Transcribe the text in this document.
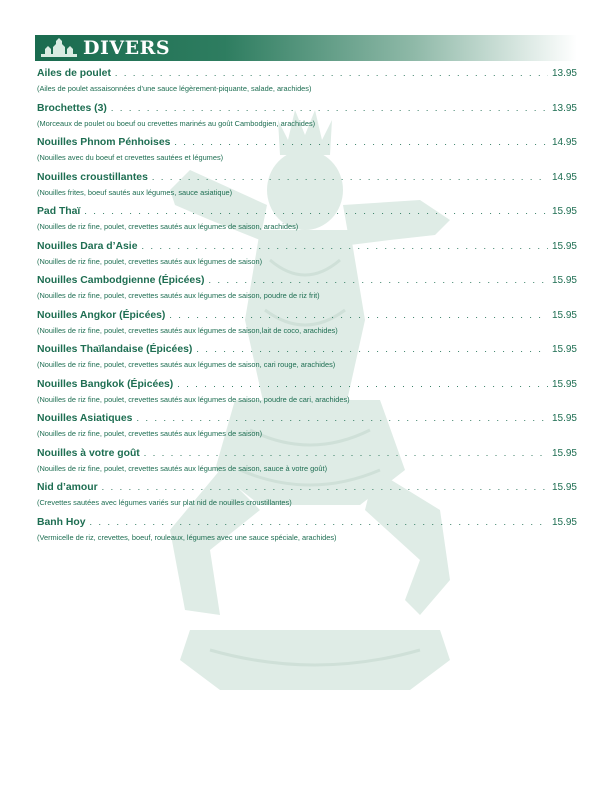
DIVERS
Ailes de poulet . . .	13.95
(Ailes de poulet assaisonnées d’une sauce légèrement-piquante, salade, arachides)
Brochettes (3) . . .	13.95
(Morceaux de poulet ou boeuf ou crevettes marinés au goût Cambodgien, arachides)
Nouilles Phnom Pénhoises . . .	14.95
(Nouilles avec du boeuf et crevettes sautées et légumes)
Nouilles croustillantes . . .	14.95
(Nouilles frites, boeuf sautés aux légumes, sauce asiatique)
Pad Thaï . . .	15.95
(Nouilles de riz fine, poulet, crevettes sautés aux légumes de saison, arachides)
Nouilles Dara d’Asie . . .	15.95
(Nouilles de riz fine, poulet, crevettes sautés aux légumes de saison)
Nouilles Cambodgienne (Épicées) . . .	15.95
(Nouilles de riz fine, poulet, crevettes sautés aux légumes de saison, poudre de riz frit)
Nouilles Angkor (Épicées) . . .	15.95
(Nouilles de riz fine, poulet, crevettes sautés aux légumes de saison,lait de coco, arachides)
Nouilles Thaïlandaise (Épicées) . . .	15.95
(Nouilles de riz fine, poulet, crevettes sautés aux légumes de saison, cari rouge, arachides)
Nouilles Bangkok (Épicées) . . .	15.95
(Nouilles de riz fine, poulet, crevettes sautés aux légumes de saison, poudre de cari, arachides)
Nouilles Asiatiques . . .	15.95
(Nouilles de riz fine, poulet, crevettes sautés aux légumes de saison)
Nouilles à votre goût . . .	15.95
(Nouilles de riz fine, poulet, crevettes sautés aux légumes de saison, sauce à votre goût)
Nid d’amour . . .	15.95
(Crevettes sautées avec légumes variés sur plat nid de nouilles croustillantes)
Banh Hoy . . .	15.95
(Vermicelle de riz, crevettes, boeuf, rouleaux, légumes avec une sauce spéciale, arachides)
